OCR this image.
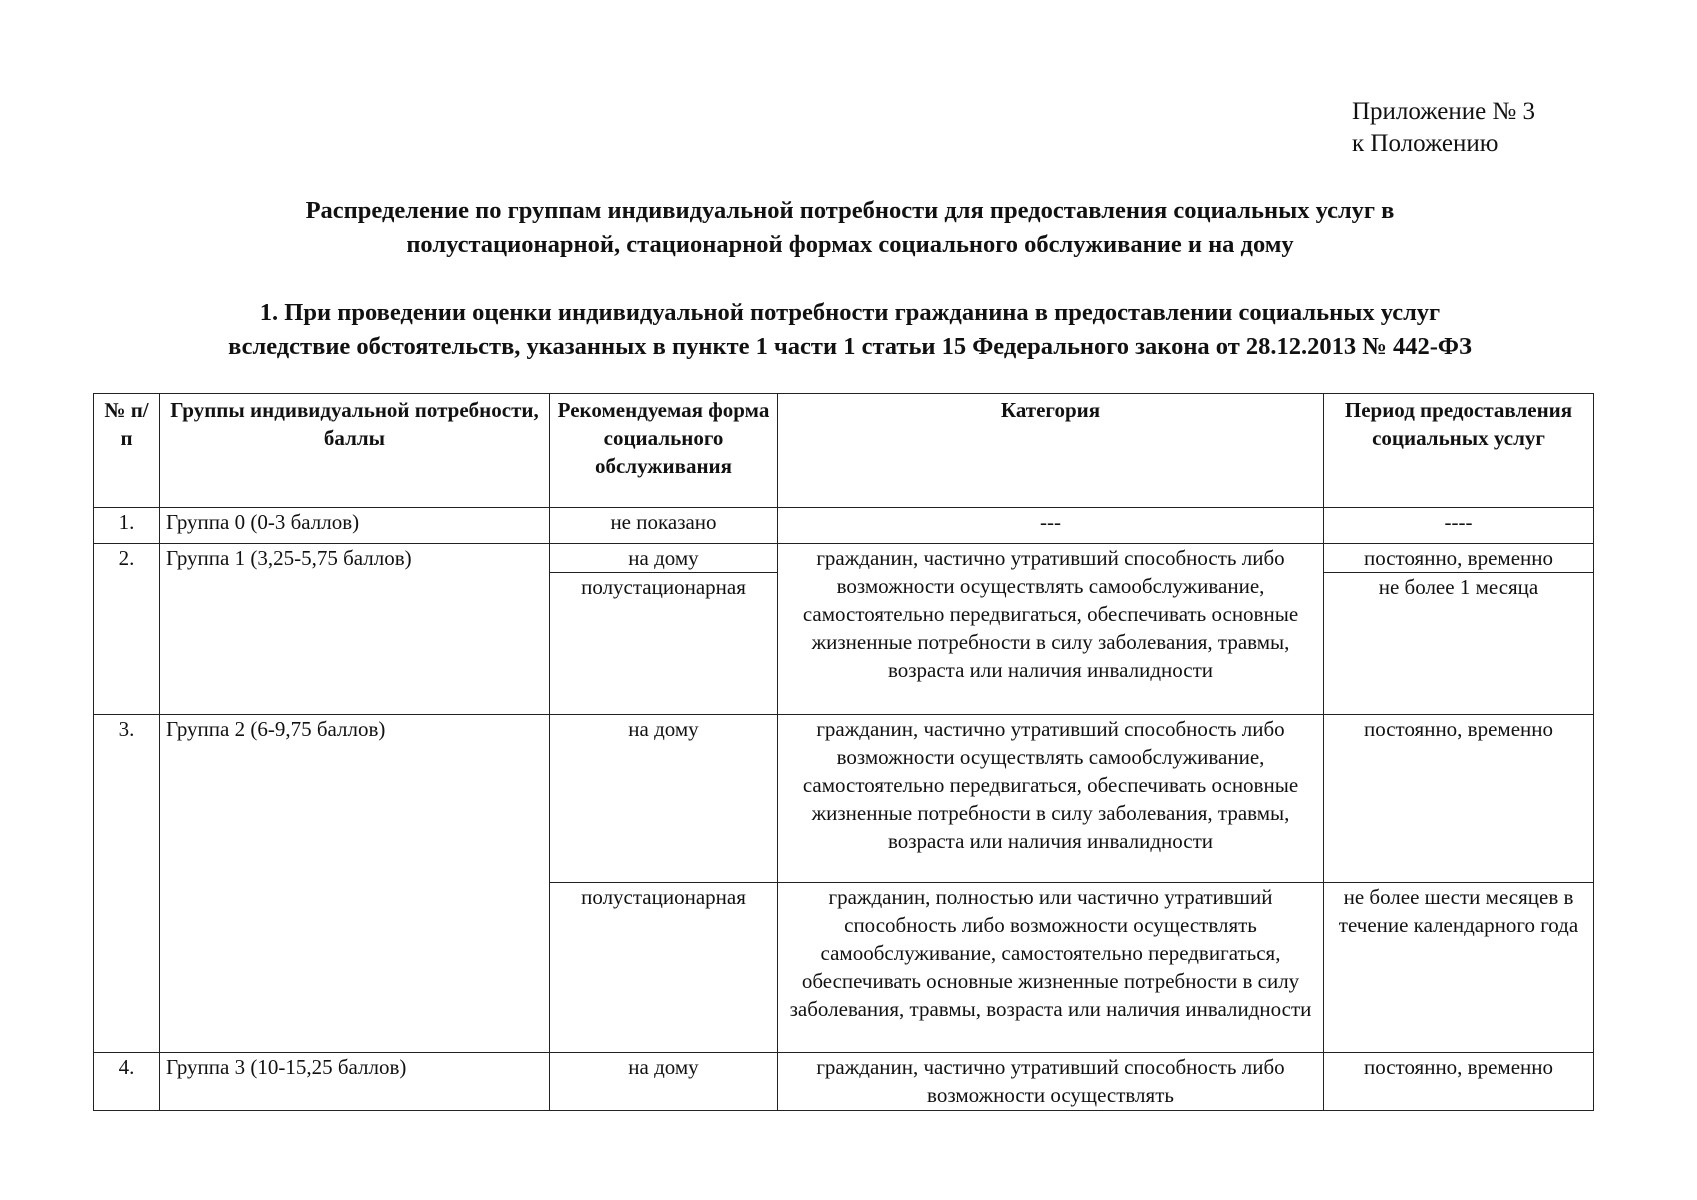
Приложение № 3
к Положению
Распределение по группам индивидуальной потребности для предоставления социальных услуг в
полустационарной, стационарной формах социального обслуживание и на дому
1. При проведении оценки индивидуальной потребности гражданина в предоставлении социальных услуг
вследствие обстоятельств, указанных в пункте 1 части 1 статьи 15 Федерального закона от 28.12.2013 № 442-ФЗ
№ п/п	Группы индивидуальной потребности, баллы	Рекомендуемая форма социального обслуживания	Категория	Период предоставления социальных услуг
1.	Группа 0 (0-3 баллов)	не показано	---	----
2.	Группа 1 (3,25-5,75 баллов)	на дому	гражданин, частично утративший способность либо возможности осуществлять самообслуживание, самостоятельно передвигаться, обеспечивать основные жизненные потребности в силу заболевания, травмы, возраста или наличия инвалидности	постоянно, временно
		полустационарная		не более 1 месяца
3.	Группа 2 (6-9,75 баллов)	на дому	гражданин, частично утративший способность либо возможности осуществлять самообслуживание, самостоятельно передвигаться, обеспечивать основные жизненные потребности в силу заболевания, травмы, возраста или наличия инвалидности	постоянно, временно
		полустационарная	гражданин, полностью или частично утративший способность либо возможности осуществлять самообслуживание, самостоятельно передвигаться, обеспечивать основные жизненные потребности в силу заболевания, травмы, возраста или наличия инвалидности	не более шести месяцев в течение календарного года
4.	Группа 3 (10-15,25 баллов)	на дому	гражданин, частично утративший способность либо возможности осуществлять	постоянно, временно
